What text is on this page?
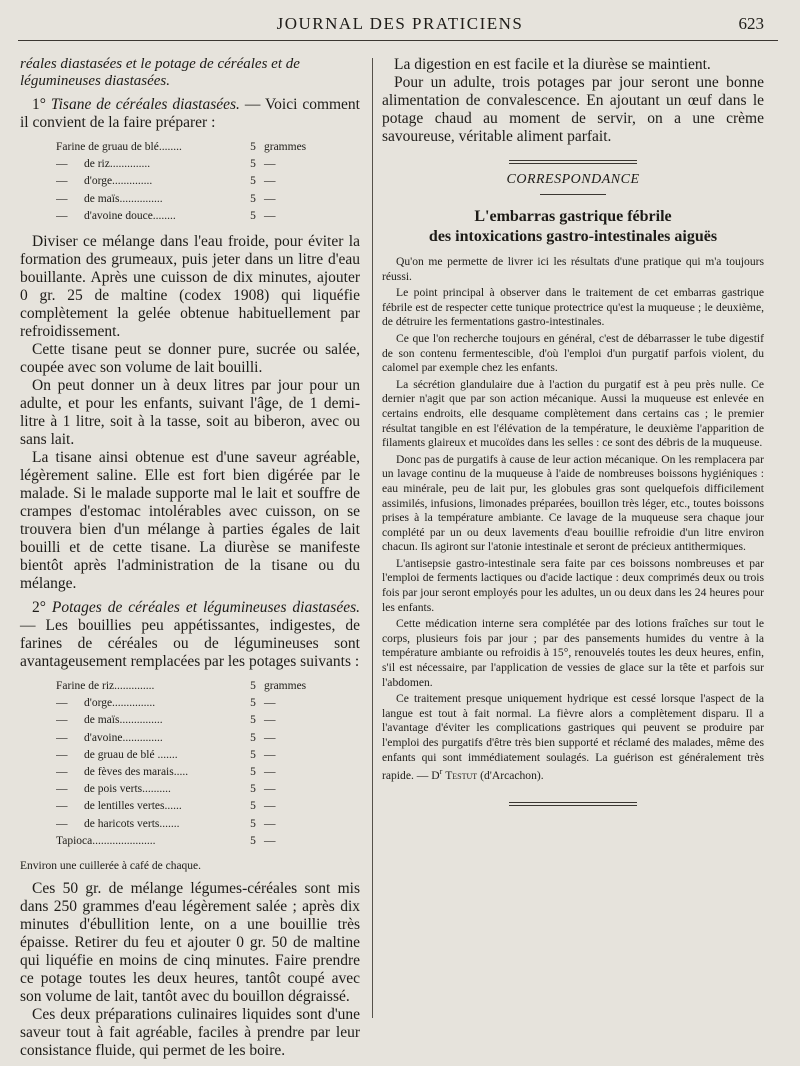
JOURNAL DES PRATICIENS	623
réales diastasées et le potage de céréales et de légumineuses diastasées.
1° Tisane de céréales diastasées. — Voici comment il convient de la faire préparer :
Farine de gruau de blé........	5 grammes
— de riz..............	5 —
— d'orge..............	5 —
— de maïs...............	5 —
— d'avoine douce........	5 —

Diviser ce mélange dans l'eau froide, pour éviter la formation des grumeaux, puis jeter dans un litre d'eau bouillante. Après une cuisson de dix minutes, ajouter 0 gr. 25 de maltine (codex 1908) qui liquéfie complètement la gelée obtenue habituellement par refroidissement.

Cette tisane peut se donner pure, sucrée ou salée, coupée avec son volume de lait bouilli.

On peut donner un à deux litres par jour pour un adulte, et pour les enfants, suivant l'âge, de 1 demi-litre à 1 litre, soit à la tasse, soit au biberon, avec ou sans lait.

La tisane ainsi obtenue est d'une saveur agréable, légèrement saline. Elle est fort bien digérée par le malade. Si le malade supporte mal le lait et souffre de crampes d'estomac intolérables avec cuisson, on se trouvera bien d'un mélange à parties égales de lait bouilli et de cette tisane. La diurèse se manifeste bientôt après l'administration de la tisane ou du mélange.

2° Potages de céréales et légumineuses diastasées. — Les bouillies peu appétissantes, indigestes, de farines de céréales ou de légumineuses sont avantageusement remplacées par les potages suivants :
Farine de riz..............	5 grammes
— d'orge...............	5 —
— de maïs...............	5 —
— d'avoine..............	5 —
— de gruau de blé .......	5 —
— de fèves des marais.....	5 —
— de pois verts..........	5 —
— de lentilles vertes......	5 —
— de haricots verts.......	5 —
Tapioca......................	5 —
Environ une cuillerée à café de chaque.

Ces 50 gr. de mélange légumes-céréales sont mis dans 250 grammes d'eau légèrement salée ; après dix minutes d'ébullition lente, on a une bouillie très épaisse. Retirer du feu et ajouter 0 gr. 50 de maltine qui liquéfie en moins de cinq minutes. Faire prendre ce potage toutes les deux heures, tantôt coupé avec son volume de lait, tantôt avec du bouillon dégraissé.

Ces deux préparations culinaires liquides sont d'une saveur tout à fait agréable, faciles à prendre par leur consistance fluide, qui permet de les boire.

La digestion en est facile et la diurèse se maintient.

Pour un adulte, trois potages par jour seront une bonne alimentation de convalescence. En ajoutant un œuf dans le potage chaud au moment de servir, on a une crème savoureuse, véritable aliment parfait.

CORRESPONDANCE
L'embarras gastrique fébrile
des intoxications gastro-intestinales aiguës

Qu'on me permette de livrer ici les résultats d'une pratique qui m'a toujours réussi.

Le point principal à observer dans le traitement de cet embarras gastrique fébrile est de respecter cette tunique protectrice qu'est la muqueuse ; le deuxième, de détruire les fermentations gastro-intestinales.

Ce que l'on recherche toujours en général, c'est de débarrasser le tube digestif de son contenu fermentescible, d'où l'emploi d'un purgatif parfois violent, du calomel par exemple chez les enfants.

La sécrétion glandulaire due à l'action du purgatif est à peu près nulle. Ce dernier n'agit que par son action mécanique. Aussi la muqueuse est enlevée en certains endroits, elle desquame complètement dans certains cas ; le premier résultat tangible en est l'élévation de la température, le deuxième l'apparition de filaments glaireux et mucoïdes dans les selles : ce sont des débris de la muqueuse.

Donc pas de purgatifs à cause de leur action mécanique. On les remplacera par un lavage continu de la muqueuse à l'aide de nombreuses boissons hygiéniques : eau minérale, peu de lait pur, les globules gras sont quelquefois difficilement assimilés, infusions, limonades préparées, bouillon très léger, etc., toutes boissons prises à la température ambiante. Ce lavage de la muqueuse sera chaque jour complété par un ou deux lavements d'eau bouillie refroidie d'un litre environ chacun. Ils agiront sur l'atonie intestinale et seront de précieux antithermiques.

L'antisepsie gastro-intestinale sera faite par ces boissons nombreuses et par l'emploi de ferments lactiques ou d'acide lactique : deux comprimés deux ou trois fois par jour seront employés pour les adultes, un ou deux dans les 24 heures pour les enfants.

Cette médication interne sera complétée par des lotions fraîches sur tout le corps, plusieurs fois par jour ; par des pansements humides du ventre à la température ambiante ou refroidis à 15°, renouvelés toutes les deux heures, enfin, s'il est nécessaire, par l'application de vessies de glace sur la tête et parfois sur l'abdomen.

Ce traitement presque uniquement hydrique est cessé lorsque l'aspect de la langue est tout à fait normal. La fièvre alors a complètement disparu. Il a l'avantage d'éviter les complications gastriques qui peuvent se produire par l'emploi des purgatifs d'être très bien supporté et réclamé des malades, même des enfants qui sont immédiatement soulagés. La guérison est généralement très rapide. — $D^r$ Testut (d'Arcachon).
